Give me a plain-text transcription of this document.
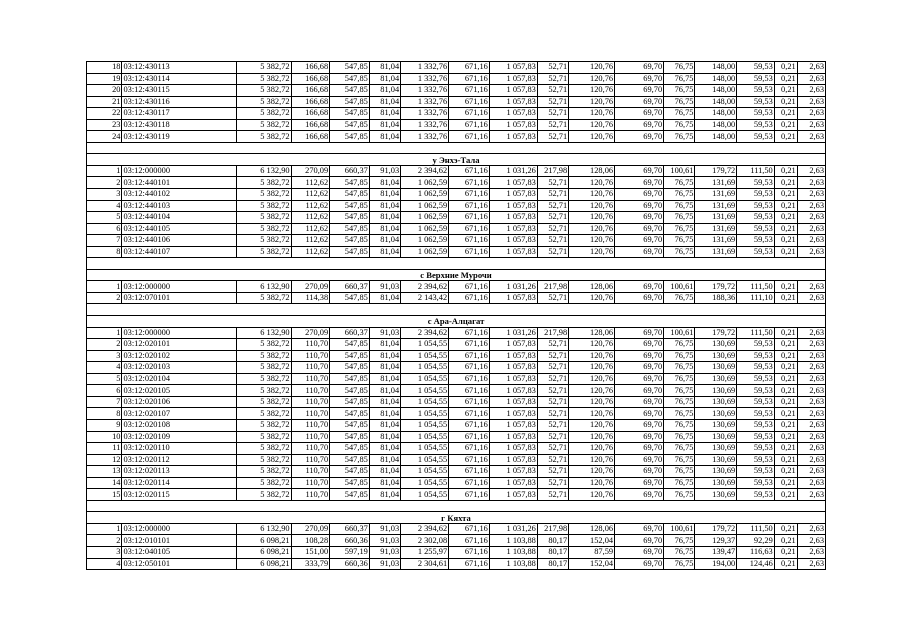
18	03:12:430113	5 382,72	166,68	547,85	81,04	1 332,76	671,16	1 057,83	52,71	120,76	69,70	76,75	148,00	59,53	0,21	2,63
19	03:12:430114	5 382,72	166,68	547,85	81,04	1 332,76	671,16	1 057,83	52,71	120,76	69,70	76,75	148,00	59,53	0,21	2,63
20	03:12:430115	5 382,72	166,68	547,85	81,04	1 332,76	671,16	1 057,83	52,71	120,76	69,70	76,75	148,00	59,53	0,21	2,63
21	03:12:430116	5 382,72	166,68	547,85	81,04	1 332,76	671,16	1 057,83	52,71	120,76	69,70	76,75	148,00	59,53	0,21	2,63
22	03:12:430117	5 382,72	166,68	547,85	81,04	1 332,76	671,16	1 057,83	52,71	120,76	69,70	76,75	148,00	59,53	0,21	2,63
23	03:12:430118	5 382,72	166,68	547,85	81,04	1 332,76	671,16	1 057,83	52,71	120,76	69,70	76,75	148,00	59,53	0,21	2,63
24	03:12:430119	5 382,72	166,68	547,85	81,04	1 332,76	671,16	1 057,83	52,71	120,76	69,70	76,75	148,00	59,53	0,21	2,63

у Энхэ-Тала																
1	03:12:000000	6 132,90	270,09	660,37	91,03	2 394,62	671,16	1 031,26	217,98	128,06	69,70	100,61	179,72	111,50	0,21	2,63
2	03:12:440101	5 382,72	112,62	547,85	81,04	1 062,59	671,16	1 057,83	52,71	120,76	69,70	76,75	131,69	59,53	0,21	2,63
3	03:12:440102	5 382,72	112,62	547,85	81,04	1 062,59	671,16	1 057,83	52,71	120,76	69,70	76,75	131,69	59,53	0,21	2,63
4	03:12:440103	5 382,72	112,62	547,85	81,04	1 062,59	671,16	1 057,83	52,71	120,76	69,70	76,75	131,69	59,53	0,21	2,63
5	03:12:440104	5 382,72	112,62	547,85	81,04	1 062,59	671,16	1 057,83	52,71	120,76	69,70	76,75	131,69	59,53	0,21	2,63
6	03:12:440105	5 382,72	112,62	547,85	81,04	1 062,59	671,16	1 057,83	52,71	120,76	69,70	76,75	131,69	59,53	0,21	2,63
7	03:12:440106	5 382,72	112,62	547,85	81,04	1 062,59	671,16	1 057,83	52,71	120,76	69,70	76,75	131,69	59,53	0,21	2,63
8	03:12:440107	5 382,72	112,62	547,85	81,04	1 062,59	671,16	1 057,83	52,71	120,76	69,70	76,75	131,69	59,53	0,21	2,63

с Верхние Мурочи																
1	03:12:000000	6 132,90	270,09	660,37	91,03	2 394,62	671,16	1 031,26	217,98	128,06	69,70	100,61	179,72	111,50	0,21	2,63
2	03:12:070101	5 382,72	114,38	547,85	81,04	2 143,42	671,16	1 057,83	52,71	120,76	69,70	76,75	188,36	111,10	0,21	2,63

с Ара-Алцагат																
1	03:12:000000	6 132,90	270,09	660,37	91,03	2 394,62	671,16	1 031,26	217,98	128,06	69,70	100,61	179,72	111,50	0,21	2,63
2	03:12:020101	5 382,72	110,70	547,85	81,04	1 054,55	671,16	1 057,83	52,71	120,76	69,70	76,75	130,69	59,53	0,21	2,63
3	03:12:020102	5 382,72	110,70	547,85	81,04	1 054,55	671,16	1 057,83	52,71	120,76	69,70	76,75	130,69	59,53	0,21	2,63
4	03:12:020103	5 382,72	110,70	547,85	81,04	1 054,55	671,16	1 057,83	52,71	120,76	69,70	76,75	130,69	59,53	0,21	2,63
5	03:12:020104	5 382,72	110,70	547,85	81,04	1 054,55	671,16	1 057,83	52,71	120,76	69,70	76,75	130,69	59,53	0,21	2,63
6	03:12:020105	5 382,72	110,70	547,85	81,04	1 054,55	671,16	1 057,83	52,71	120,76	69,70	76,75	130,69	59,53	0,21	2,63
7	03:12:020106	5 382,72	110,70	547,85	81,04	1 054,55	671,16	1 057,83	52,71	120,76	69,70	76,75	130,69	59,53	0,21	2,63
8	03:12:020107	5 382,72	110,70	547,85	81,04	1 054,55	671,16	1 057,83	52,71	120,76	69,70	76,75	130,69	59,53	0,21	2,63
9	03:12:020108	5 382,72	110,70	547,85	81,04	1 054,55	671,16	1 057,83	52,71	120,76	69,70	76,75	130,69	59,53	0,21	2,63
10	03:12:020109	5 382,72	110,70	547,85	81,04	1 054,55	671,16	1 057,83	52,71	120,76	69,70	76,75	130,69	59,53	0,21	2,63
11	03:12:020110	5 382,72	110,70	547,85	81,04	1 054,55	671,16	1 057,83	52,71	120,76	69,70	76,75	130,69	59,53	0,21	2,63
12	03:12:020112	5 382,72	110,70	547,85	81,04	1 054,55	671,16	1 057,83	52,71	120,76	69,70	76,75	130,69	59,53	0,21	2,63
13	03:12:020113	5 382,72	110,70	547,85	81,04	1 054,55	671,16	1 057,83	52,71	120,76	69,70	76,75	130,69	59,53	0,21	2,63
14	03:12:020114	5 382,72	110,70	547,85	81,04	1 054,55	671,16	1 057,83	52,71	120,76	69,70	76,75	130,69	59,53	0,21	2,63
15	03:12:020115	5 382,72	110,70	547,85	81,04	1 054,55	671,16	1 057,83	52,71	120,76	69,70	76,75	130,69	59,53	0,21	2,63

г Кяхта																
1	03:12:000000	6 132,90	270,09	660,37	91,03	2 394,62	671,16	1 031,26	217,98	128,06	69,70	100,61	179,72	111,50	0,21	2,63
2	03:12:010101	6 098,21	108,28	660,36	91,03	2 302,08	671,16	1 103,88	80,17	152,04	69,70	76,75	129,37	92,29	0,21	2,63
3	03:12:040105	6 098,21	151,00	597,19	91,03	1 255,97	671,16	1 103,88	80,17	87,59	69,70	76,75	139,47	116,63	0,21	2,63
4	03:12:050101	6 098,21	333,79	660,36	91,03	2 304,61	671,16	1 103,88	80,17	152,04	69,70	76,75	194,00	124,46	0,21	2,63
